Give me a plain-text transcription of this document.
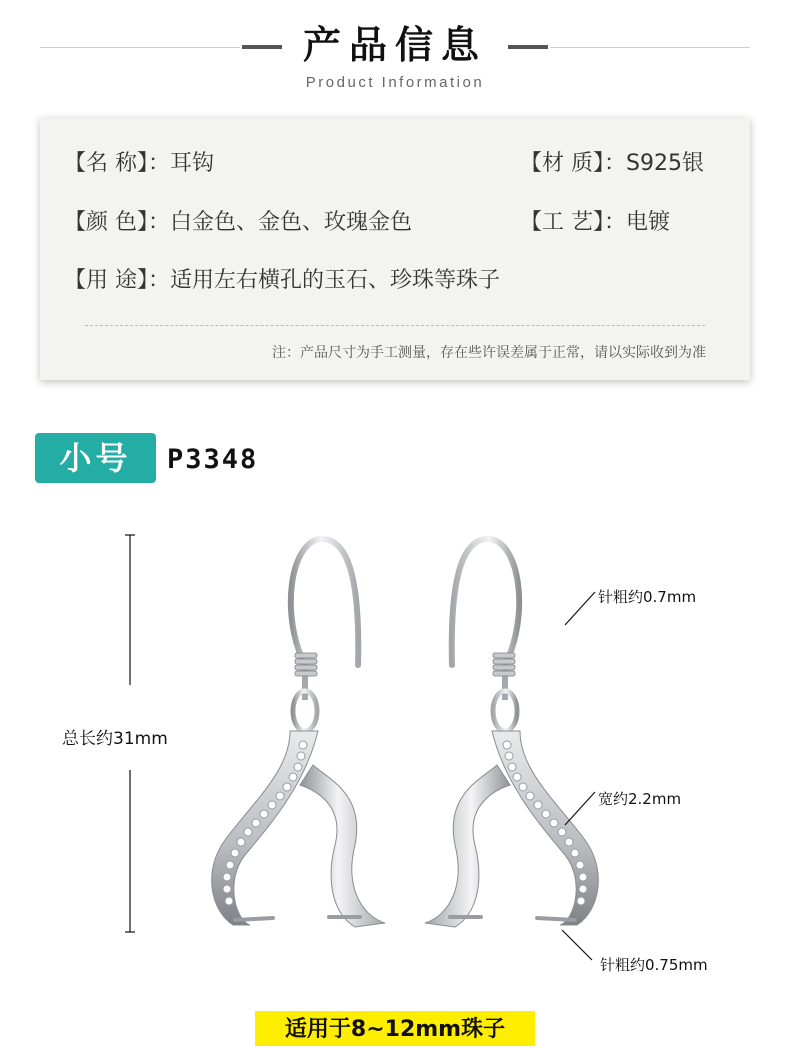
产品信息
Product Information
【名 称】：耳钩	【材 质】：S925银
【颜 色】：白金色、金色、玫瑰金色	【工 艺】：电镀
【用 途】：适用左右横孔的玉石、珍珠等珠子
注：产品尺寸为手工测量，存在些许误差属于正常，请以实际收到为准
小号	P3348
总长约31mm
针粗约0.7mm
宽约2.2mm
针粗约0.75mm
适用于8~12mm珠子
